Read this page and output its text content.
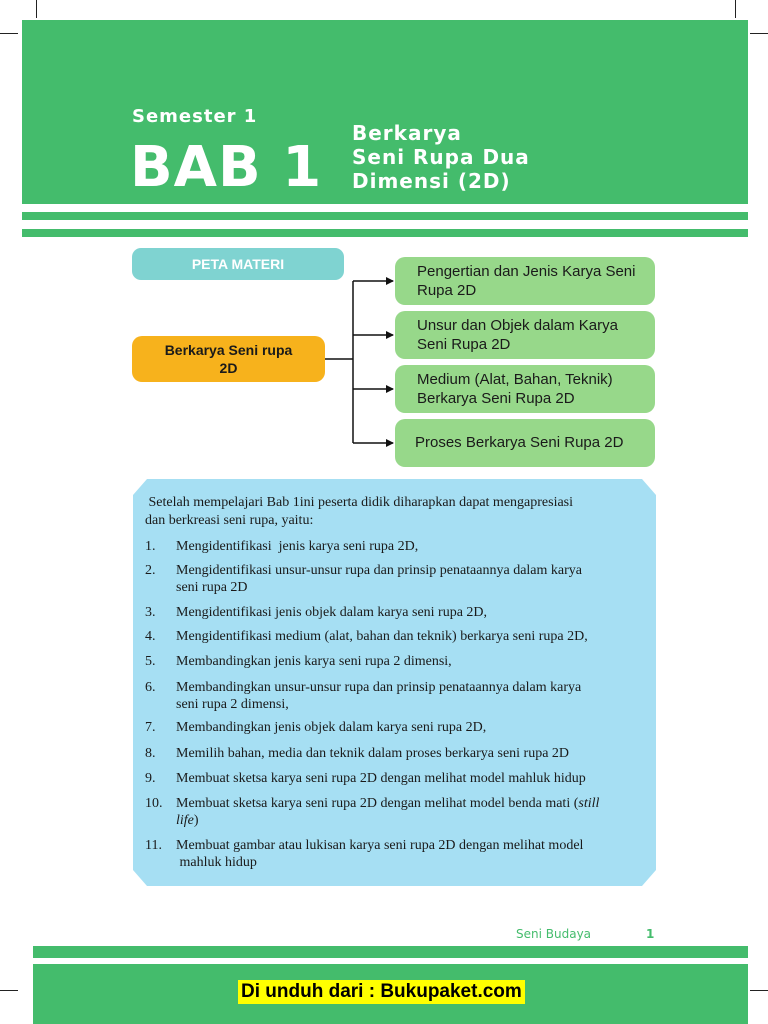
Semester 1
BAB 1
Berkarya
Seni Rupa Dua
Dimensi (2D)
PETA MATERI
Berkarya Seni rupa
2D
Pengertian dan Jenis Karya Seni
Rupa 2D
Unsur dan Objek dalam Karya
Seni Rupa 2D
Medium (Alat, Bahan, Teknik)
Berkarya Seni Rupa 2D
Proses Berkarya Seni Rupa 2D
Setelah mempelajari Bab 1ini peserta didik diharapkan dapat mengapresiasi
dan berkreasi seni rupa, yaitu:
1. Mengidentifikasi  jenis karya seni rupa 2D,
2. Mengidentifikasi unsur-unsur rupa dan prinsip penataannya dalam karya
seni rupa 2D
3. Mengidentifikasi jenis objek dalam karya seni rupa 2D,
4. Mengidentifikasi medium (alat, bahan dan teknik) berkarya seni rupa 2D,
5. Membandingkan jenis karya seni rupa 2 dimensi,
6. Membandingkan unsur-unsur rupa dan prinsip penataannya dalam karya
seni rupa 2 dimensi,
7. Membandingkan jenis objek dalam karya seni rupa 2D,
8. Memilih bahan, media dan teknik dalam proses berkarya seni rupa 2D
9. Membuat sketsa karya seni rupa 2D dengan melihat model mahluk hidup
10. Membuat sketsa karya seni rupa 2D dengan melihat model benda mati (still
life)
11. Membuat gambar atau lukisan karya seni rupa 2D dengan melihat model
mahluk hidup
Seni Budaya	1
Di unduh dari : Bukupaket.com
